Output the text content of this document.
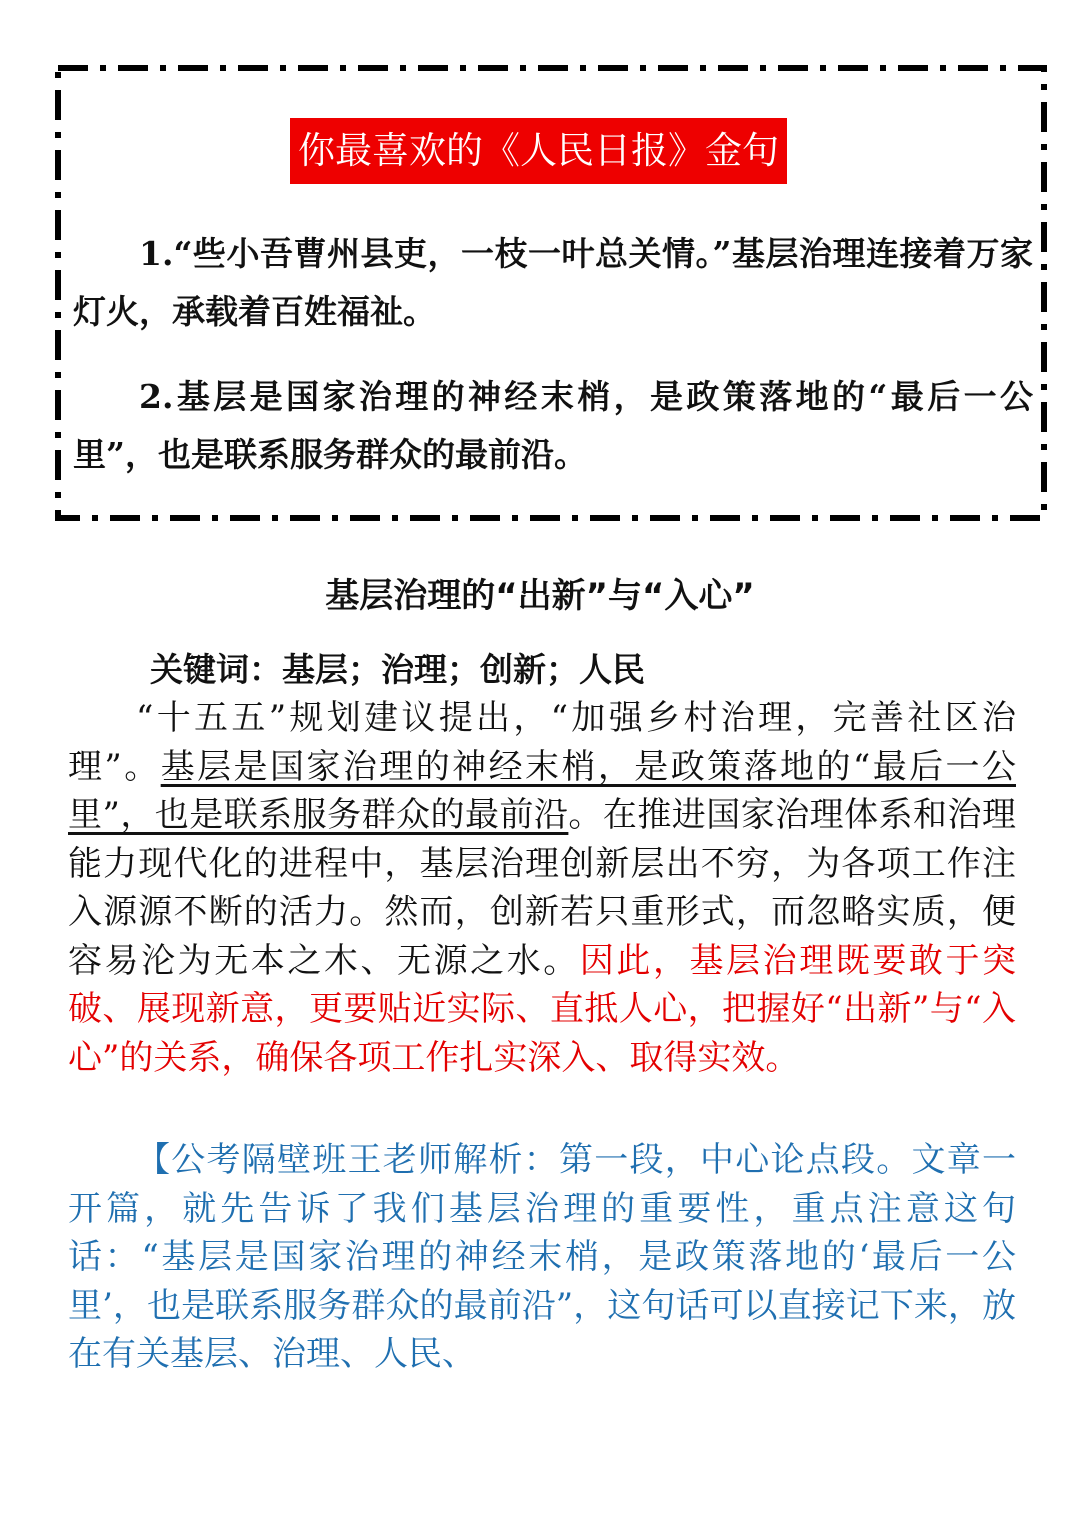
你最喜欢的《人民日报》金句
1.“些小吾曹州县吏，一枝一叶总关情。”基层治理连接着万家灯火，承载着百姓福祉。
2.基层是国家治理的神经末梢，是政策落地的“最后一公里”，也是联系服务群众的最前沿。
基层治理的“出新”与“入心”
关键词：基层；治理；创新；人民
“十五五”规划建议提出，“加强乡村治理，完善社区治理”。基层是国家治理的神经末梢，是政策落地的“最后一公里”，也是联系服务群众的最前沿。在推进国家治理体系和治理能力现代化的进程中，基层治理创新层出不穷，为各项工作注入源源不断的活力。然而，创新若只重形式，而忽略实质，便容易沦为无本之木、无源之水。因此，基层治理既要敢于突破、展现新意，更要贴近实际、直抵人心，把握好“出新”与“入心”的关系，确保各项工作扎实深入、取得实效。
【公考隔壁班王老师解析：第一段，中心论点段。文章一开篇，就先告诉了我们基层治理的重要性，重点注意这句话：“基层是国家治理的神经末梢，是政策落地的‘最后一公里’，也是联系服务群众的最前沿”，这句话可以直接记下来，放在有关基层、治理、人民、
